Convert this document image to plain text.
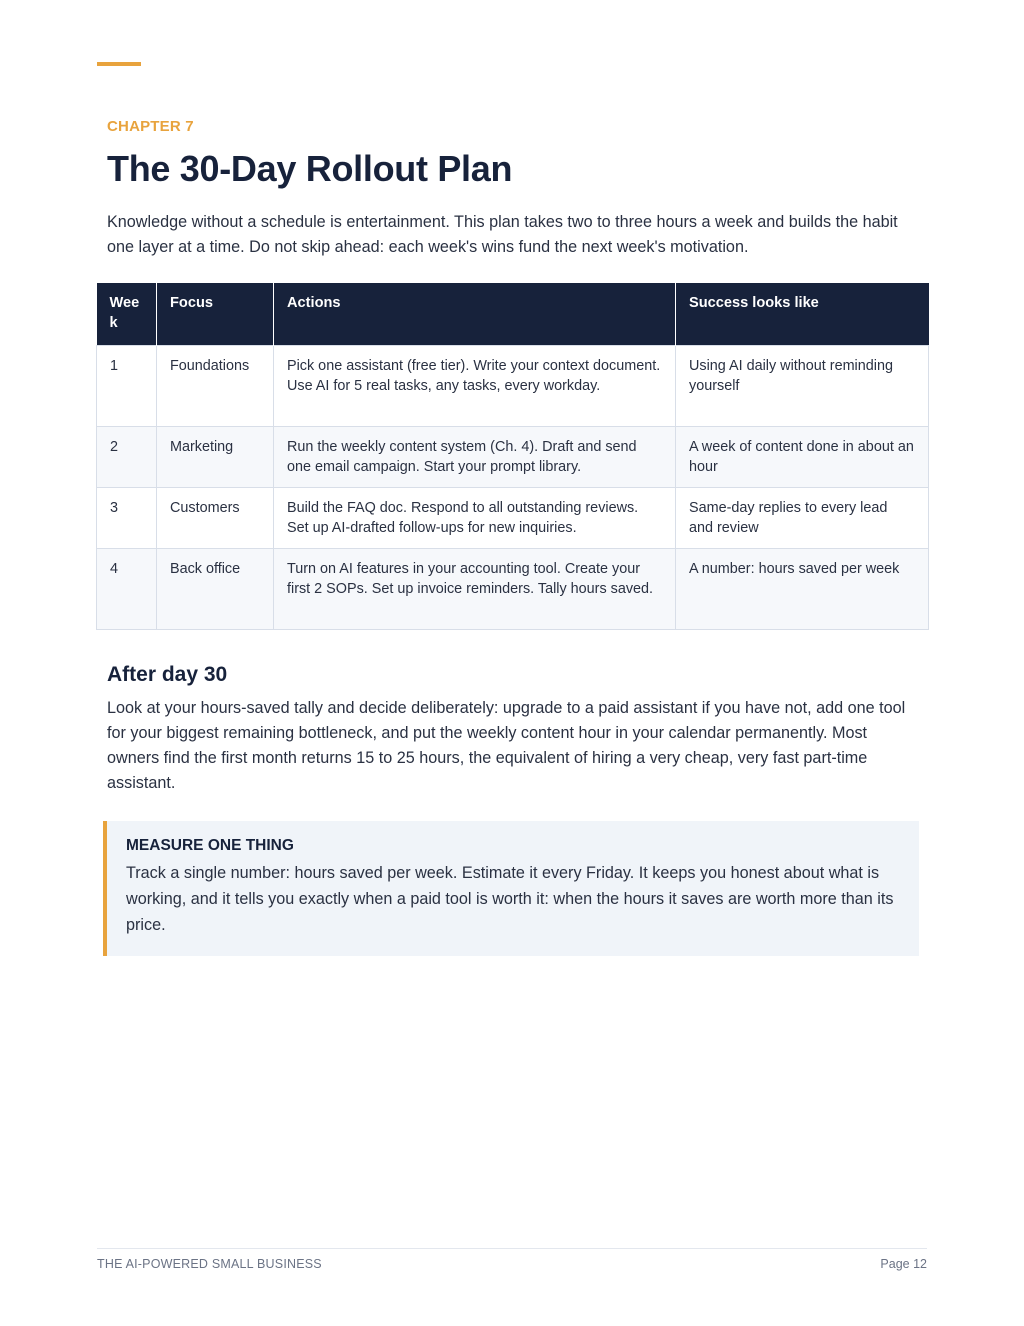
CHAPTER 7
The 30-Day Rollout Plan

Knowledge without a schedule is entertainment. This plan takes two to three hours a week and builds the habit one layer at a time. Do not skip ahead: each week's wins fund the next week's motivation.

Wee k	Focus	Actions	Success looks like
1	Foundations	Pick one assistant (free tier). Write your context document. Use AI for 5 real tasks, any tasks, every workday.	Using AI daily without reminding yourself
2	Marketing	Run the weekly content system (Ch. 4). Draft and send one email campaign. Start your prompt library.	A week of content done in about an hour
3	Customers	Build the FAQ doc. Respond to all outstanding reviews. Set up AI-drafted follow-ups for new inquiries.	Same-day replies to every lead and review
4	Back office	Turn on AI features in your accounting tool. Create your first 2 SOPs. Set up invoice reminders. Tally hours saved.	A number: hours saved per week
After day 30

Look at your hours-saved tally and decide deliberately: upgrade to a paid assistant if you have not, add one tool for your biggest remaining bottleneck, and put the weekly content hour in your calendar permanently. Most owners find the first month returns 15 to 25 hours, the equivalent of hiring a very cheap, very fast part-time assistant.

MEASURE ONE THING

Track a single number: hours saved per week. Estimate it every Friday. It keeps you honest about what is working, and it tells you exactly when a paid tool is worth it: when the hours it saves are worth more than its price.

THE AI-POWERED SMALL BUSINESS	Page 12
